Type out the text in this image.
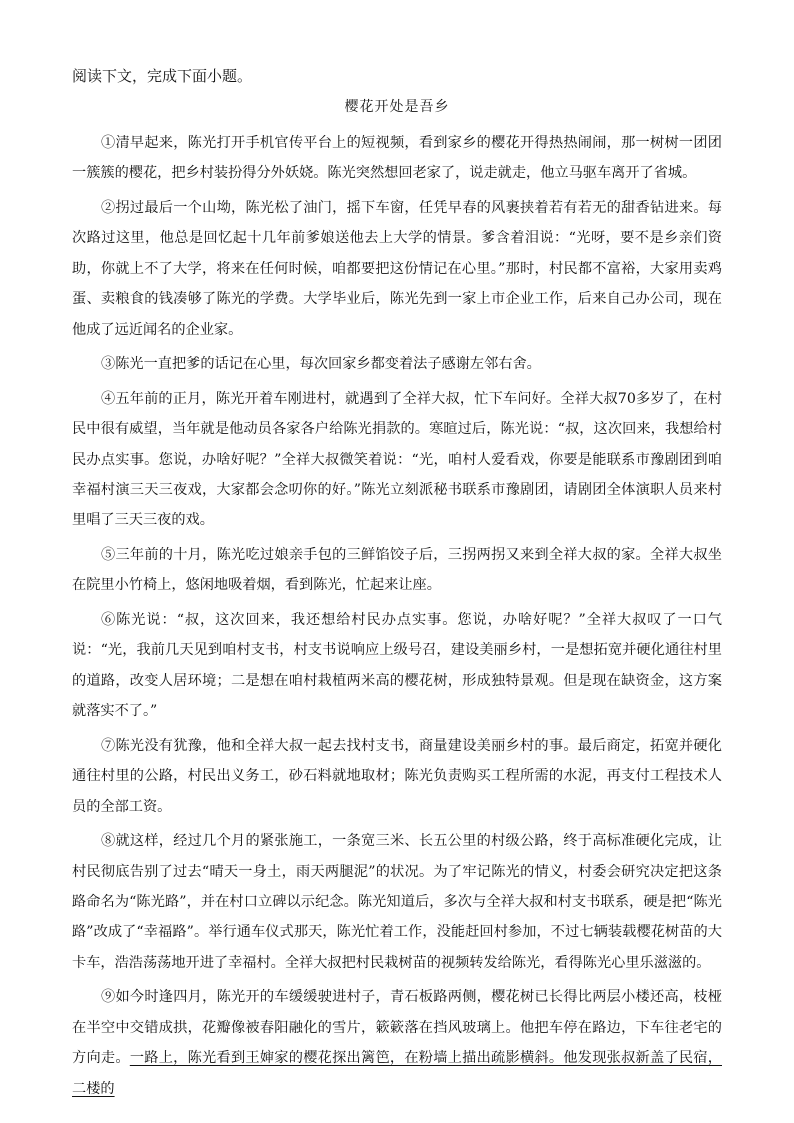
阅读下文，完成下面小题。
樱花开处是吾乡

①清早起来，陈光打开手机官传平台上的短视频，看到家乡的樱花开得热热闹闹，那一树树一团团一簇簇的樱花，把乡村装扮得分外妖娆。陈光突然想回老家了，说走就走，他立马驱车离开了省城。

②拐过最后一个山坳，陈光松了油门，摇下车窗，任凭早春的风裹挟着若有若无的甜香钻进来。每次路过这里，他总是回忆起十几年前爹娘送他去上大学的情景。爹含着泪说：“光呀，要不是乡亲们资助，你就上不了大学，将来在任何时候，咱都要把这份情记在心里。”那时，村民都不富裕，大家用卖鸡蛋、卖粮食的钱凑够了陈光的学费。大学毕业后，陈光先到一家上市企业工作，后来自己办公司，现在他成了远近闻名的企业家。

③陈光一直把爹的话记在心里，每次回家乡都变着法子感谢左邻右舍。

④五年前的正月，陈光开着车刚进村，就遇到了全祥大叔，忙下车问好。全祥大叔70多岁了，在村民中很有威望，当年就是他动员各家各户给陈光捐款的。寒暄过后，陈光说：“叔，这次回来，我想给村民办点实事。您说，办啥好呢？”全祥大叔微笑着说：“光，咱村人爱看戏，你要是能联系市豫剧团到咱幸福村演三天三夜戏，大家都会念叨你的好。”陈光立刻派秘书联系市豫剧团，请剧团全体演职人员来村里唱了三天三夜的戏。

⑤三年前的十月，陈光吃过娘亲手包的三鲜馅饺子后，三拐两拐又来到全祥大叔的家。全祥大叔坐在院里小竹椅上，悠闲地吸着烟，看到陈光，忙起来让座。

⑥陈光说：“叔，这次回来，我还想给村民办点实事。您说，办啥好呢？”全祥大叔叹了一口气说：“光，我前几天见到咱村支书，村支书说响应上级号召，建设美丽乡村，一是想拓宽并硬化通往村里的道路，改变人居环境；二是想在咱村栽植两米高的樱花树，形成独特景观。但是现在缺资金，这方案就落实不了。”

⑦陈光没有犹豫，他和全祥大叔一起去找村支书，商量建设美丽乡村的事。最后商定，拓宽并硬化通往村里的公路，村民出义务工，砂石料就地取材；陈光负责购买工程所需的水泥，再支付工程技术人员的全部工资。

⑧就这样，经过几个月的紧张施工，一条宽三米、长五公里的村级公路，终于高标准硬化完成，让村民彻底告别了过去“晴天一身土，雨天两腿泥”的状况。为了牢记陈光的情义，村委会研究决定把这条路命名为“陈光路”，并在村口立碑以示纪念。陈光知道后，多次与全祥大叔和村支书联系，硬是把“陈光路”改成了“幸福路”。举行通车仪式那天，陈光忙着工作，没能赶回村参加，不过七辆装载樱花树苗的大卡车，浩浩荡荡地开进了幸福村。全祥大叔把村民栽树苗的视频转发给陈光，看得陈光心里乐滋滋的。

⑨如今时逢四月，陈光开的车缓缓驶进村子，青石板路两侧，樱花树已长得比两层小楼还高，枝桠在半空中交错成拱，花瓣像被春阳融化的雪片，簌簌落在挡风玻璃上。他把车停在路边，下车往老宅的方向走。一路上，陈光看到王婶家的樱花探出篱笆，在粉墙上描出疏影横斜。他发现张叔新盖了民宿，二楼的
